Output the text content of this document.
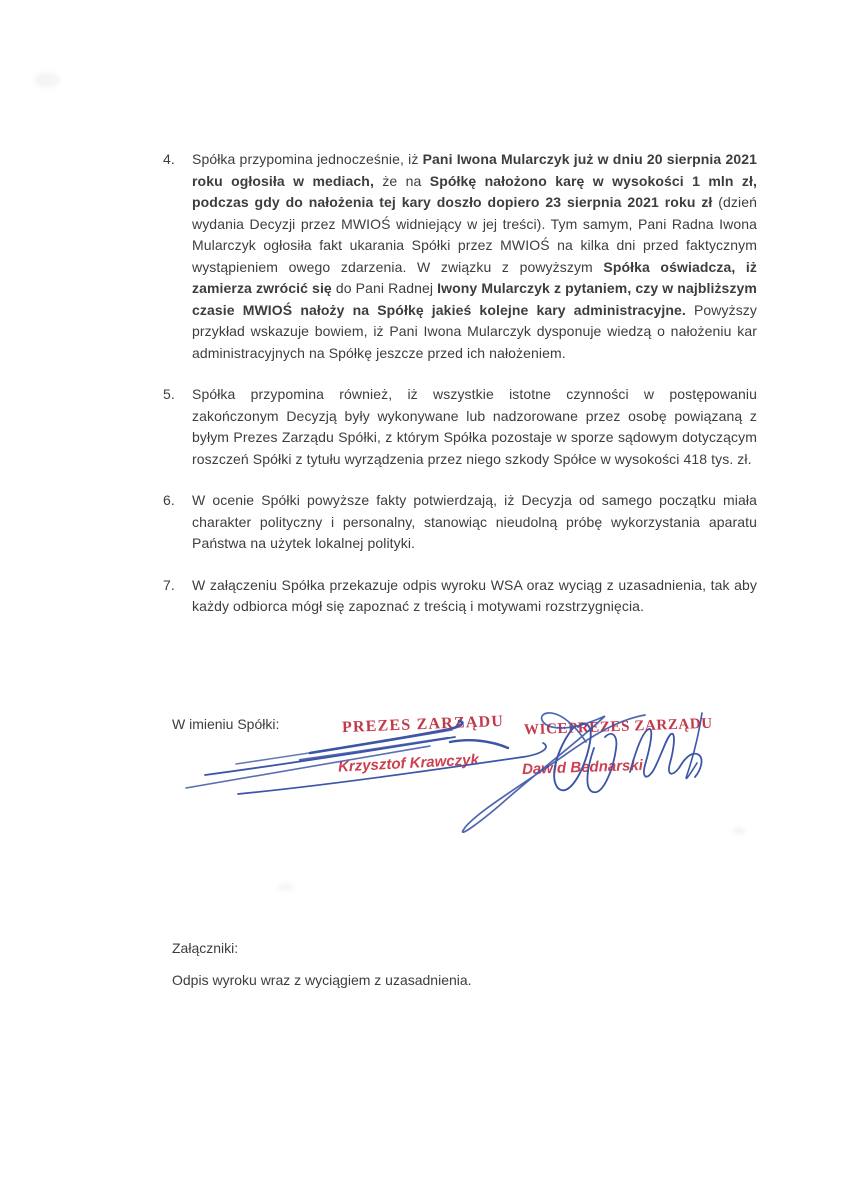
4.	Spółka przypomina jednocześnie, iż Pani Iwona Mularczyk już w dniu 20 sierpnia 2021 roku ogłosiła w mediach, że na Spółkę nałożono karę w wysokości 1 mln zł, podczas gdy do nałożenia tej kary doszło dopiero 23 sierpnia 2021 roku zł (dzień wydania Decyzji przez MWIOŚ widniejący w jej treści). Tym samym, Pani Radna Iwona Mularczyk ogłosiła fakt ukarania Spółki przez MWIOŚ na kilka dni przed faktycznym wystąpieniem owego zdarzenia. W związku z powyższym Spółka oświadcza, iż zamierza zwrócić się do Pani Radnej Iwony Mularczyk z pytaniem, czy w najbliższym czasie MWIOŚ nałoży na Spółkę jakieś kolejne kary administracyjne. Powyższy przykład wskazuje bowiem, iż Pani Iwona Mularczyk dysponuje wiedzą o nałożeniu kar administracyjnych na Spółkę jeszcze przed ich nałożeniem.
5.	Spółka przypomina również, iż wszystkie istotne czynności w postępowaniu zakończonym Decyzją były wykonywane lub nadzorowane przez osobę powiązaną z byłym Prezes Zarządu Spółki, z którym Spółka pozostaje w sporze sądowym dotyczącym roszczeń Spółki z tytułu wyrządzenia przez niego szkody Spółce w wysokości 418 tys. zł.
6.	W ocenie Spółki powyższe fakty potwierdzają, iż Decyzja od samego początku miała charakter polityczny i personalny, stanowiąc nieudolną próbę wykorzystania aparatu Państwa na użytek lokalnej polityki.
7.	W załączeniu Spółka przekazuje odpis wyroku WSA oraz wyciąg z uzasadnienia, tak aby każdy odbiorca mógł się zapoznać z treścią i motywami rozstrzygnięcia.
W imieniu Spółki:	PREZES ZARZĄDU
Krzysztof Krawczyk
WICEPREZES ZARZĄDU
Dawid Bednarski
Załączniki:
Odpis wyroku wraz z wyciągiem z uzasadnienia.
